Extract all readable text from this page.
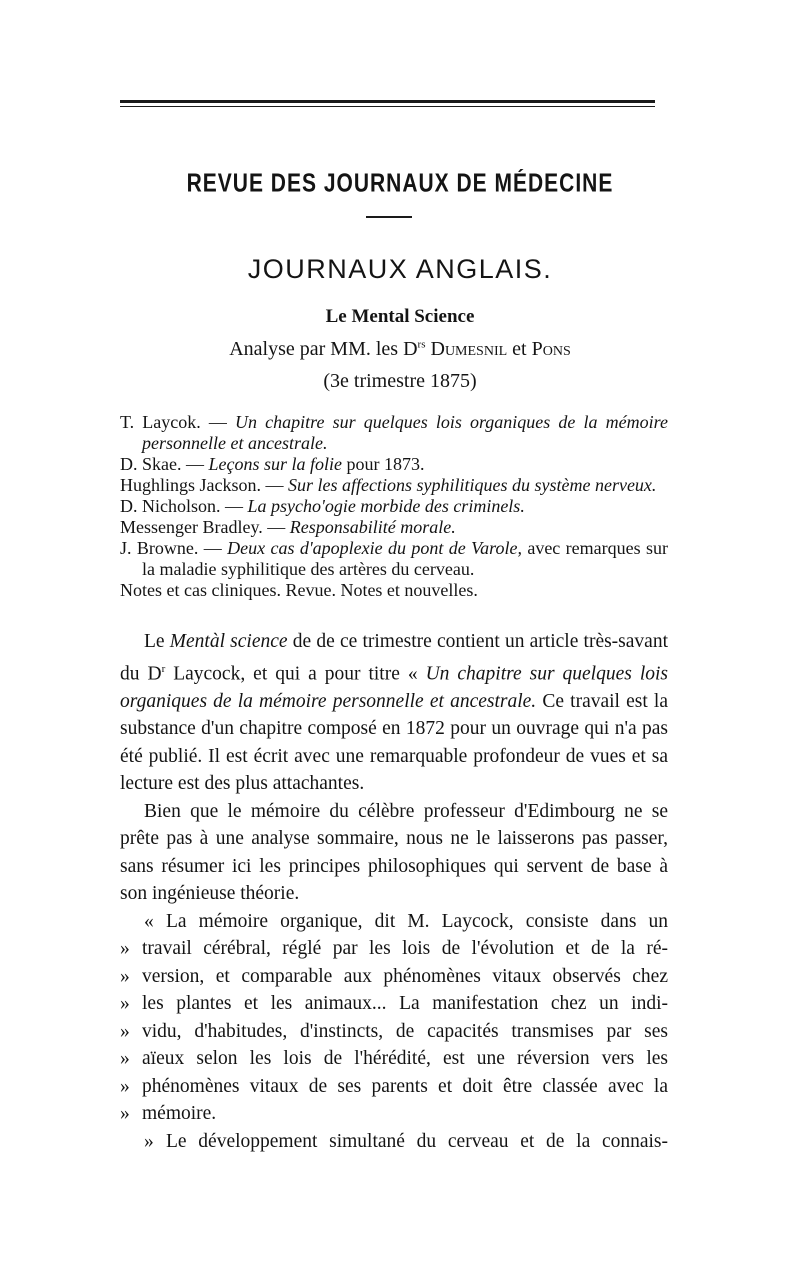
REVUE DES JOURNAUX DE MÉDECINE
JOURNAUX ANGLAIS.
Le Mental Science
Analyse par MM. les $D^{rs}$ Dumesnil et Pons
(3e trimestre 1875)

T. Laycok. — Un chapitre sur quelques lois organiques de la mémoire personnelle et ancestrale.

D. Skae. — Leçons sur la folie pour 1873.

Hughlings Jackson. — Sur les affections syphilitiques du système nerveux.

D. Nicholson. — La psycho'ogie morbide des criminels.

Messenger Bradley. — Responsabilité morale.

J. Browne. — Deux cas d'apoplexie du pont de Varole, avec remarques sur la maladie syphilitique des artères du cerveau.

Notes et cas cliniques. Revue. Notes et nouvelles.

Le Mentàl science de de ce trimestre contient un article très-savant du $D^r$ Laycock, et qui a pour titre « Un chapitre sur quelques lois organiques de la mémoire personnelle et ancestrale. Ce travail est la substance d'un chapitre composé en 1872 pour un ouvrage qui n'a pas été publié. Il est écrit avec une remarquable profondeur de vues et sa lecture est des plus attachantes.

Bien que le mémoire du célèbre professeur d'Edimbourg ne se prête pas à une analyse sommaire, nous ne le laisserons pas passer, sans résumer ici les principes philosophiques qui servent de base à son ingénieuse théorie.

« La mémoire organique, dit M. Laycock, consiste dans un
» travail cérébral, réglé par les lois de l'évolution et de la ré-
» version, et comparable aux phénomènes vitaux observés chez
» les plantes et les animaux... La manifestation chez un indi-
» vidu, d'habitudes, d'instincts, de capacités transmises par ses
» aïeux selon les lois de l'hérédité, est une réversion vers les
» phénomènes vitaux de ses parents et doit être classée avec la
» mémoire.
» Le développement simultané du cerveau et de la connais-
